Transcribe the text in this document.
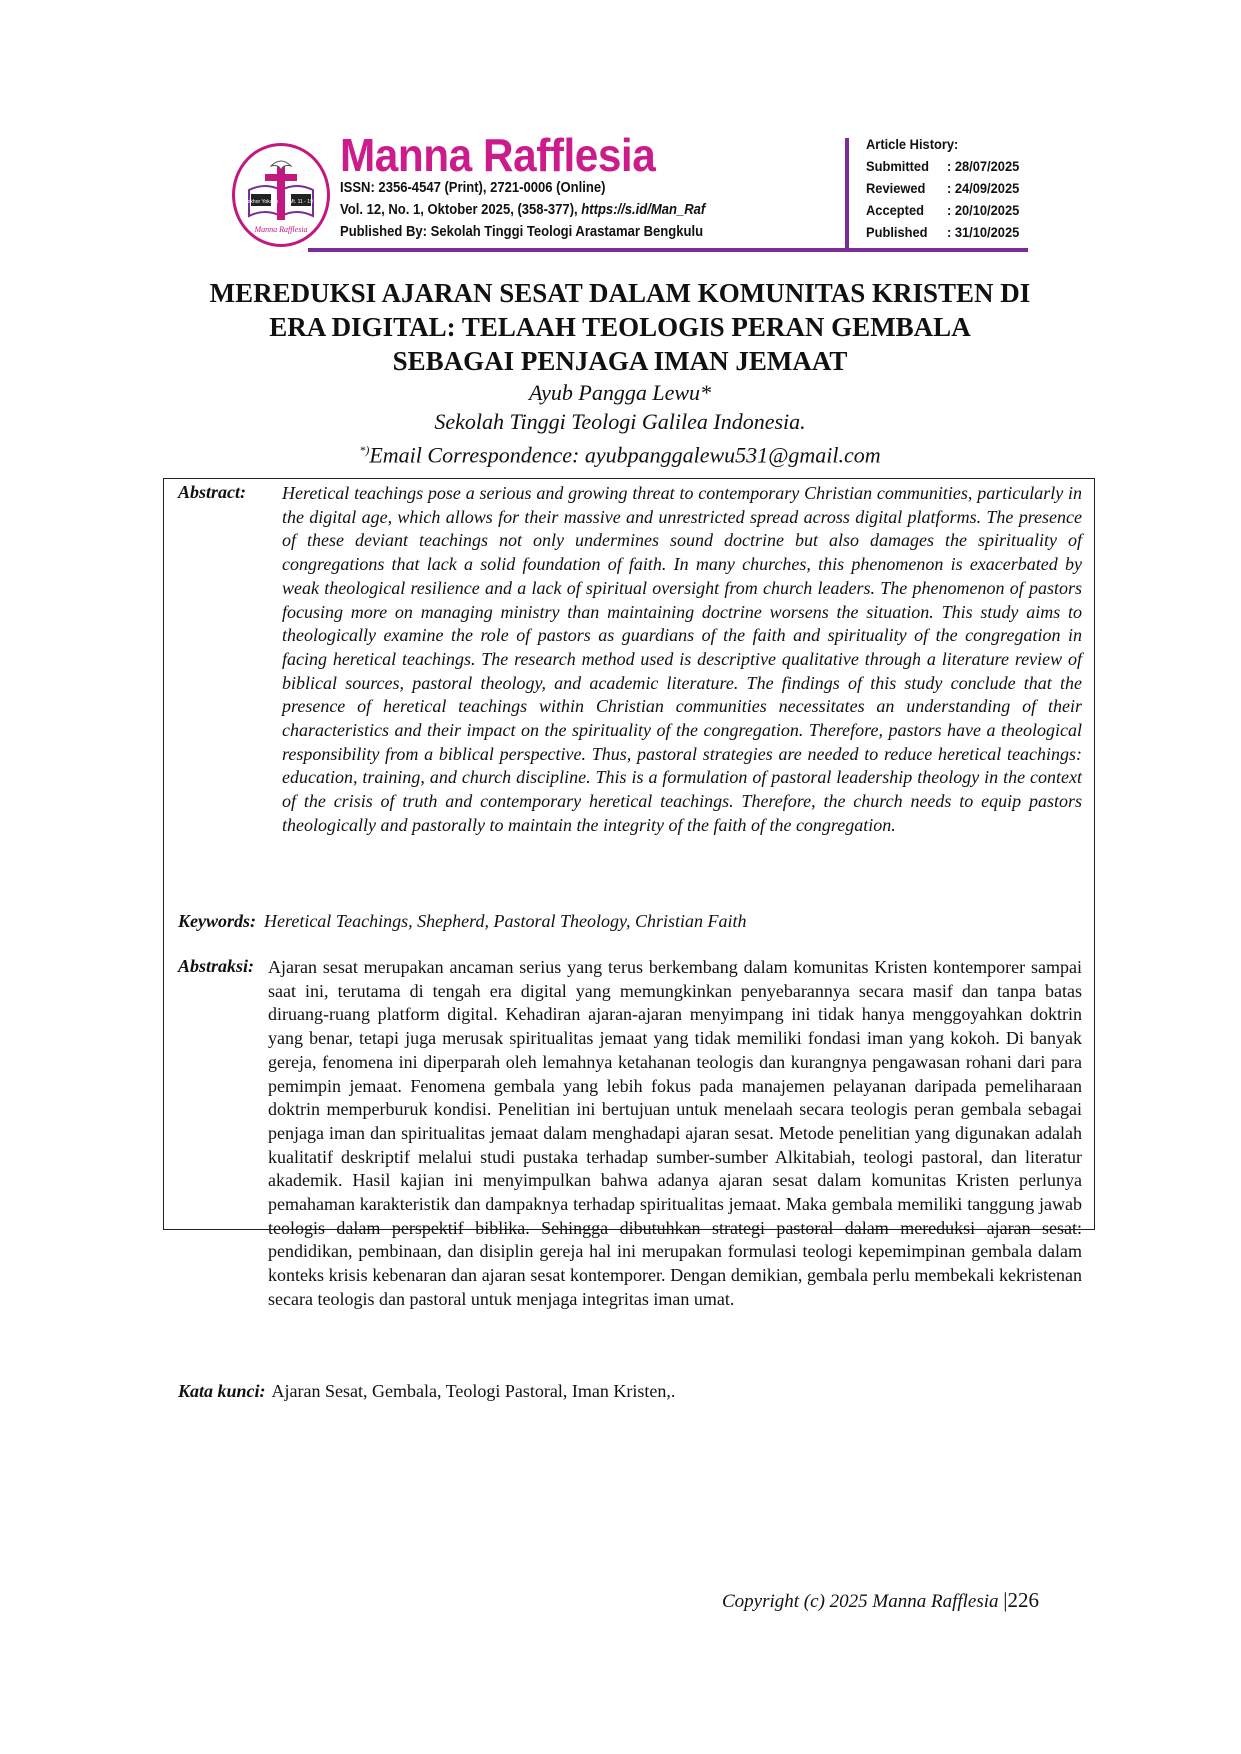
Hokhor Yokunu Mt. 11 - 19
Manna Rafflesia
Manna Rafflesia
ISSN: 2356-4547 (Print), 2721-0006 (Online)
Vol. 12, No. 1, Oktober 2025, (358-377), https://s.id/Man_Raf
Published By: Sekolah Tinggi Teologi Arastamar Bengkulu
Article History:
Submitted : 28/07/2025
Reviewed : 24/09/2025
Accepted : 20/10/2025
Published : 31/10/2025
MEREDUKSI AJARAN SESAT DALAM KOMUNITAS KRISTEN DI
ERA DIGITAL: TELAAH TEOLOGIS PERAN GEMBALA
SEBAGAI PENJAGA IMAN JEMAAT
Ayub Pangga Lewu*
Sekolah Tinggi Teologi Galilea Indonesia.
*)Email Correspondence: ayubpanggalewu531@gmail.com
Abstract: Heretical teachings pose a serious and growing threat to contemporary Christian communities, particularly in the digital age, which allows for their massive and unrestricted spread across digital platforms. The presence of these deviant teachings not only undermines sound doctrine but also damages the spirituality of congregations that lack a solid foundation of faith. In many churches, this phenomenon is exacerbated by weak theological resilience and a lack of spiritual oversight from church leaders. The phenomenon of pastors focusing more on managing ministry than maintaining doctrine worsens the situation. This study aims to theologically examine the role of pastors as guardians of the faith and spirituality of the congregation in facing heretical teachings. The research method used is descriptive qualitative through a literature review of biblical sources, pastoral theology, and academic literature. The findings of this study conclude that the presence of heretical teachings within Christian communities necessitates an understanding of their characteristics and their impact on the spirituality of the congregation. Therefore, pastors have a theological responsibility from a biblical perspective. Thus, pastoral strategies are needed to reduce heretical teachings: education, training, and church discipline. This is a formulation of pastoral leadership theology in the context of the crisis of truth and contemporary heretical teachings. Therefore, the church needs to equip pastors theologically and pastorally to maintain the integrity of the faith of the congregation.
Keywords: Heretical Teachings, Shepherd, Pastoral Theology, Christian Faith
Abstraksi: Ajaran sesat merupakan ancaman serius yang terus berkembang dalam komunitas Kristen kontemporer sampai saat ini, terutama di tengah era digital yang memungkinkan penyebarannya secara masif dan tanpa batas diruang-ruang platform digital. Kehadiran ajaran-ajaran menyimpang ini tidak hanya menggoyahkan doktrin yang benar, tetapi juga merusak spiritualitas jemaat yang tidak memiliki fondasi iman yang kokoh. Di banyak gereja, fenomena ini diperparah oleh lemahnya ketahanan teologis dan kurangnya pengawasan rohani dari para pemimpin jemaat. Fenomena gembala yang lebih fokus pada manajemen pelayanan daripada pemeliharaan doktrin memperburuk kondisi. Penelitian ini bertujuan untuk menelaah secara teologis peran gembala sebagai penjaga iman dan spiritualitas jemaat dalam menghadapi ajaran sesat. Metode penelitian yang digunakan adalah kualitatif deskriptif melalui studi pustaka terhadap sumber-sumber Alkitabiah, teologi pastoral, dan literatur akademik. Hasil kajian ini menyimpulkan bahwa adanya ajaran sesat dalam komunitas Kristen perlunya pemahaman karakteristik dan dampaknya terhadap spiritualitas jemaat. Maka gembala memiliki tanggung jawab teologis dalam perspektif biblika. Sehingga dibutuhkan strategi pastoral dalam mereduksi ajaran sesat: pendidikan, pembinaan, dan disiplin gereja hal ini merupakan formulasi teologi kepemimpinan gembala dalam konteks krisis kebenaran dan ajaran sesat kontemporer. Dengan demikian, gembala perlu membekali kekristenan secara teologis dan pastoral untuk menjaga integritas iman umat.
Kata kunci: Ajaran Sesat, Gembala, Teologi Pastoral, Iman Kristen,.
Copyright (c) 2025 Manna Rafflesia |226
